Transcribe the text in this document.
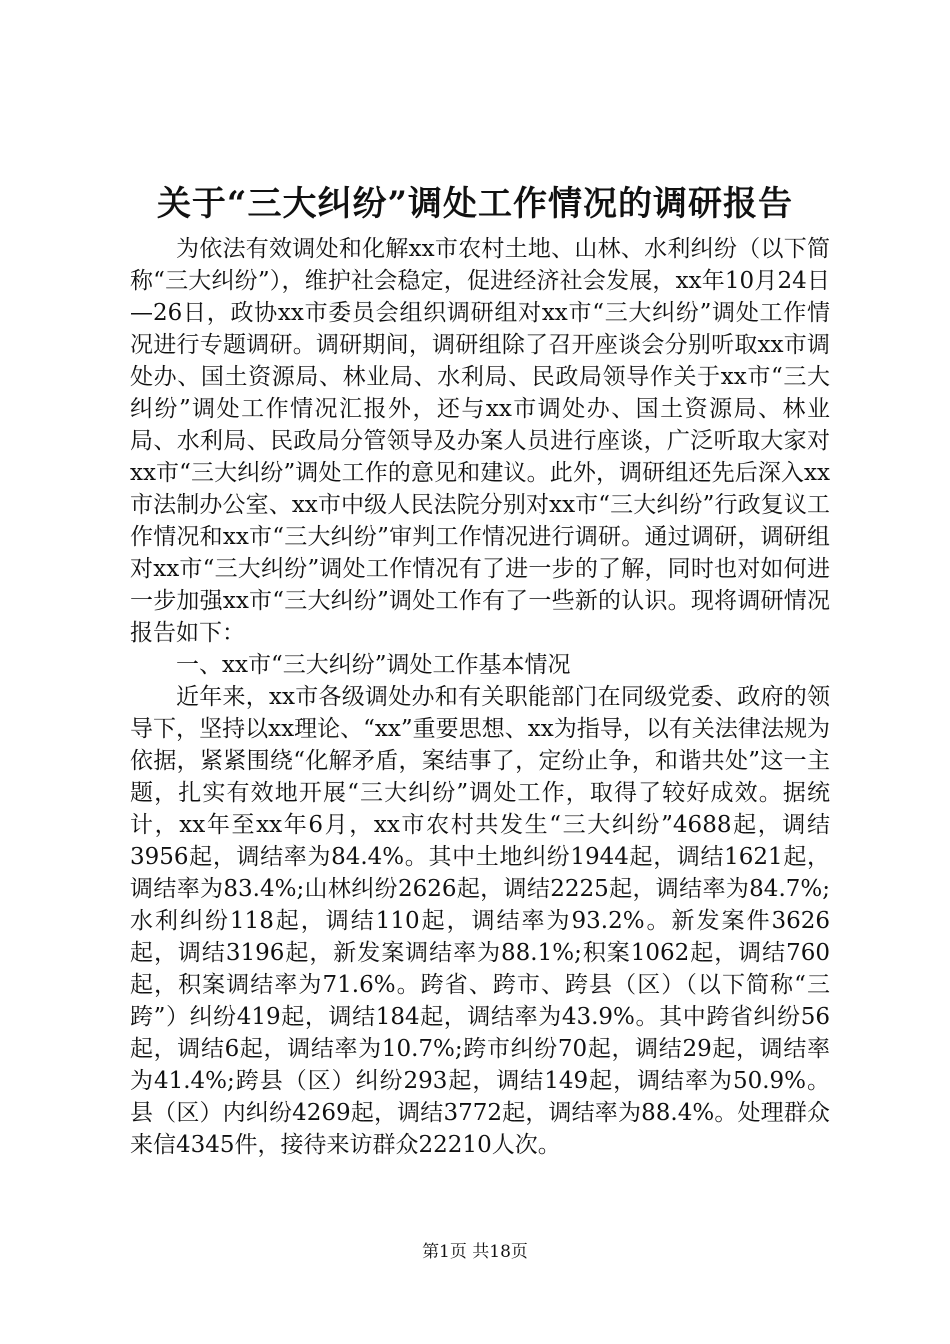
关于“三大纠纷”调处工作情况的调研报告

为依法有效调处和化解xx市农村土地、山林、水利纠纷（以下简称“三大纠纷”），维护社会稳定，促进经济社会发展，xx年10月24日—26日，政协xx市委员会组织调研组对xx市“三大纠纷”调处工作情况进行专题调研。调研期间，调研组除了召开座谈会分别听取xx市调处办、国土资源局、林业局、水利局、民政局领导作关于xx市“三大纠纷”调处工作情况汇报外，还与xx市调处办、国土资源局、林业局、水利局、民政局分管领导及办案人员进行座谈，广泛听取大家对xx市“三大纠纷”调处工作的意见和建议。此外，调研组还先后深入xx市法制办公室、xx市中级人民法院分别对xx市“三大纠纷”行政复议工作情况和xx市“三大纠纷”审判工作情况进行调研。通过调研，调研组对xx市“三大纠纷”调处工作情况有了进一步的了解，同时也对如何进一步加强xx市“三大纠纷”调处工作有了一些新的认识。现将调研情况报告如下：

一、xx市“三大纠纷”调处工作基本情况

近年来，xx市各级调处办和有关职能部门在同级党委、政府的领导下，坚持以xx理论、“xx”重要思想、xx为指导，以有关法律法规为依据，紧紧围绕“化解矛盾，案结事了，定纷止争，和谐共处”这一主题，扎实有效地开展“三大纠纷”调处工作，取得了较好成效。据统计，xx年至xx年6月，xx市农村共发生“三大纠纷”4688起，调结3956起，调结率为84.4%。其中土地纠纷1944起，调结1621起，调结率为83.4%;山林纠纷2626起，调结2225起，调结率为84.7%;水利纠纷118起，调结110起，调结率为93.2%。新发案件3626起，调结3196起，新发案调结率为88.1%;积案1062起，调结760起，积案调结率为71.6%。跨省、跨市、跨县（区）（以下简称“三跨”）纠纷419起，调结184起，调结率为43.9%。其中跨省纠纷56起，调结6起，调结率为10.7%;跨市纠纷70起，调结29起，调结率为41.4%;跨县（区）纠纷293起，调结149起，调结率为50.9%。县（区）内纠纷4269起，调结3772起，调结率为88.4%。处理群众来信4345件，接待来访群众22210人次。

第1页 共18页
